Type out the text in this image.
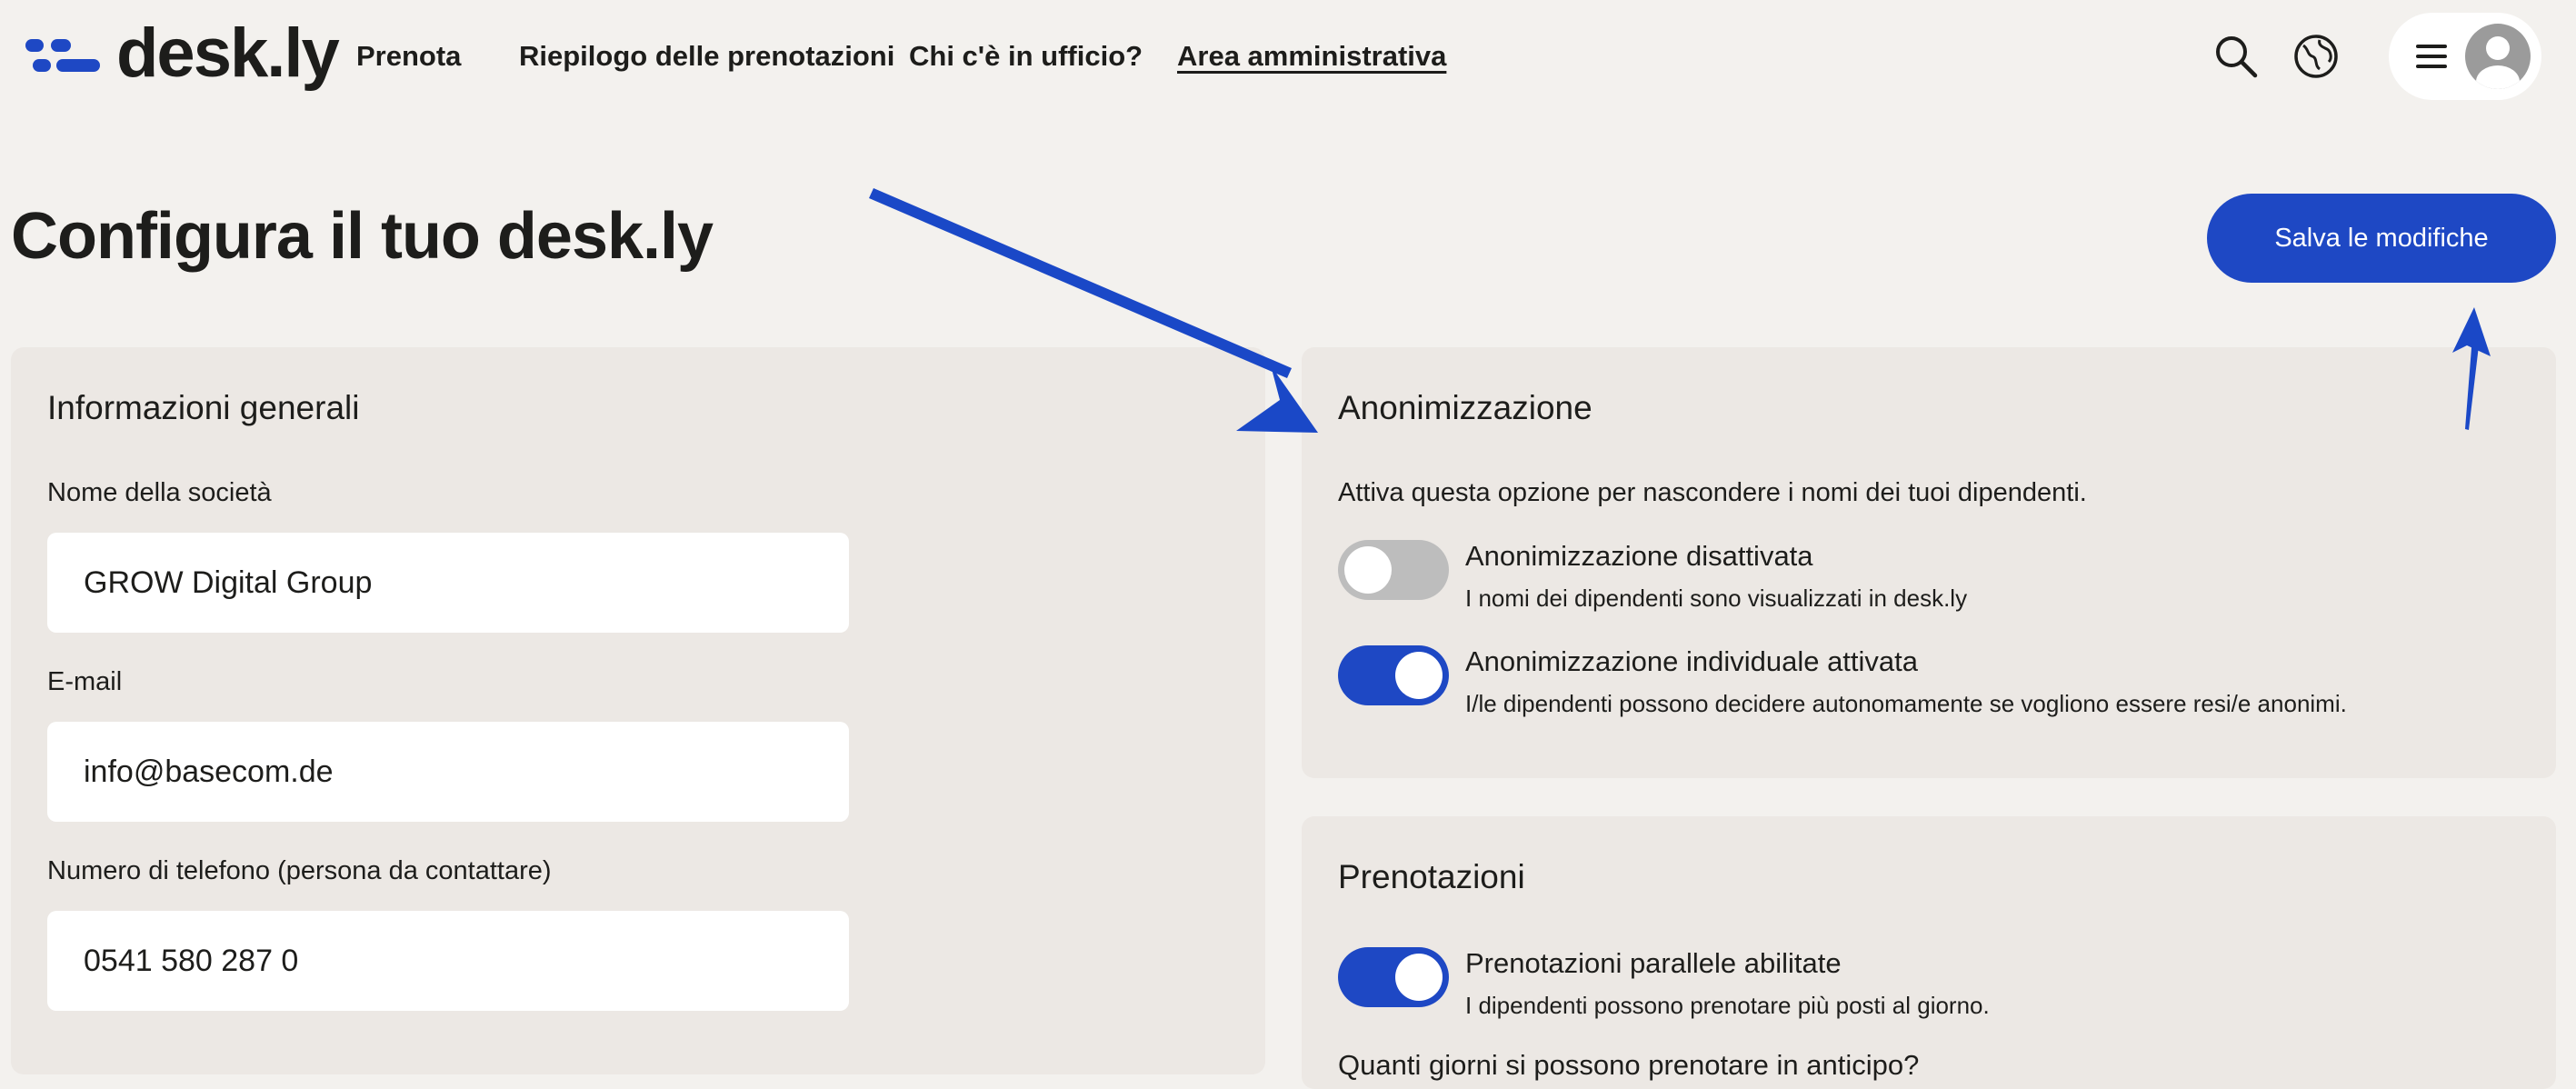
desk.ly Prenota Riepilogo delle prenotazioni Chi c'è in ufficio? Area amministrativa
Configura il tuo desk.ly	Salva le modifiche
Informazioni generali
Nome della società
GROW Digital Group
E-mail
info@basecom.de
Numero di telefono (persona da contattare)
0541 580 287 0
Anonimizzazione
Attiva questa opzione per nascondere i nomi dei tuoi dipendenti.
Anonimizzazione disattivata
I nomi dei dipendenti sono visualizzati in desk.ly
Anonimizzazione individuale attivata
I/le dipendenti possono decidere autonomamente se vogliono essere resi/e anonimi.
Prenotazioni
Prenotazioni parallele abilitate
I dipendenti possono prenotare più posti al giorno.
Quanti giorni si possono prenotare in anticipo?
